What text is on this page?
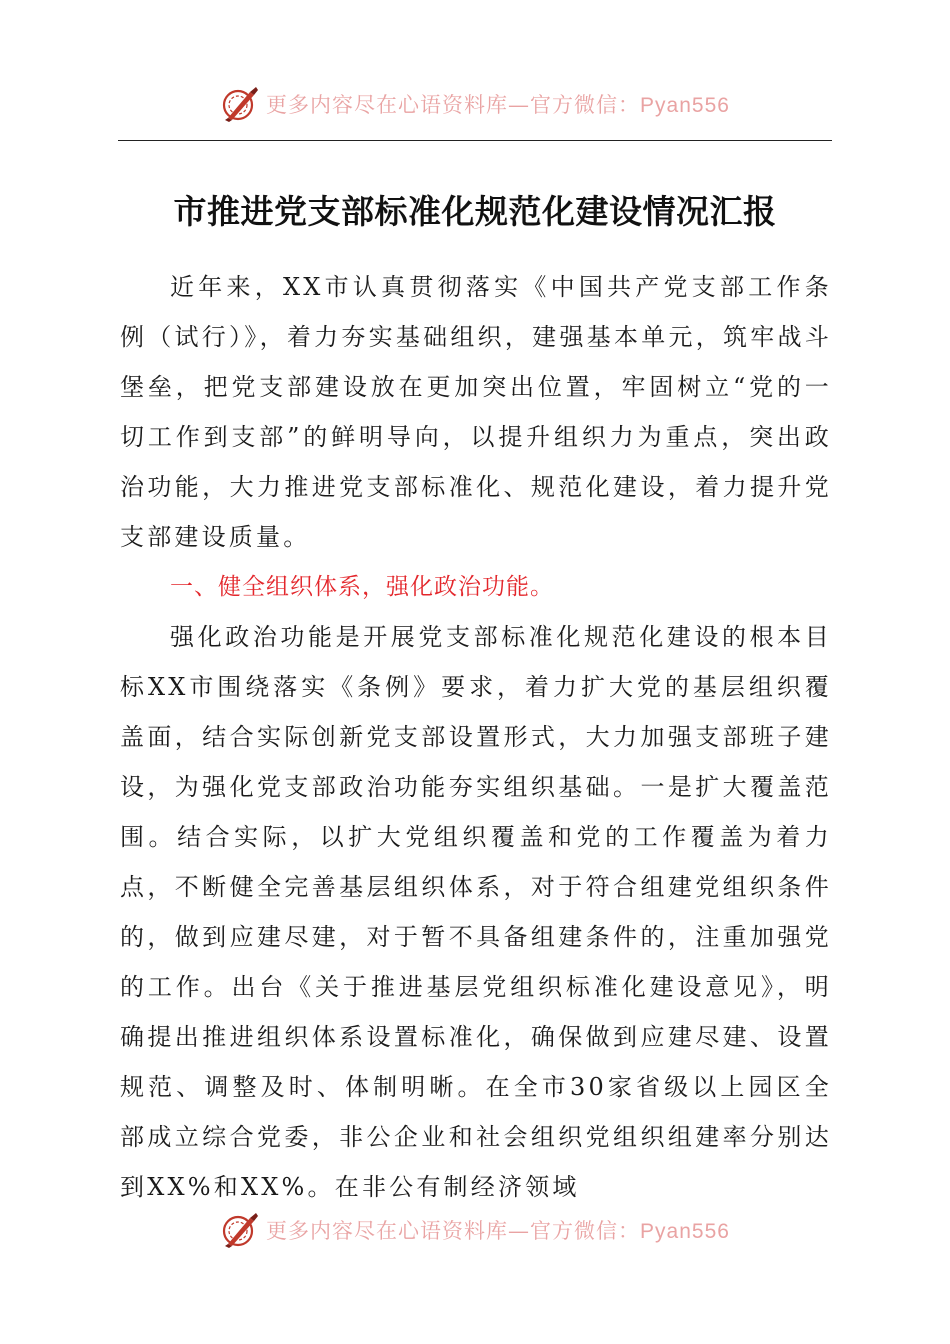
更多内容尽在心语资料库—官方微信：Pyan556
市推进党支部标准化规范化建设情况汇报

近年来，XX市认真贯彻落实《中国共产党支部工作条例（试行）》，着力夯实基础组织，建强基本单元，筑牢战斗堡垒，把党支部建设放在更加突出位置，牢固树立“党的一切工作到支部”的鲜明导向，以提升组织力为重点，突出政治功能，大力推进党支部标准化、规范化建设，着力提升党支部建设质量。

一、健全组织体系，强化政治功能。

强化政治功能是开展党支部标准化规范化建设的根本目标XX市围绕落实《条例》要求，着力扩大党的基层组织覆盖面，结合实际创新党支部设置形式，大力加强支部班子建设，为强化党支部政治功能夯实组织基础。一是扩大覆盖范围。结合实际，以扩大党组织覆盖和党的工作覆盖为着力点，不断健全完善基层组织体系，对于符合组建党组织条件的，做到应建尽建，对于暂不具备组建条件的，注重加强党的工作。出台《关于推进基层党组织标准化建设意见》，明确提出推进组织体系设置标准化，确保做到应建尽建、设置规范、调整及时、体制明晰。在全市30家省级以上园区全部成立综合党委，非公企业和社会组织党组织组建率分别达到XX%和XX%。在非公有制经济领域

更多内容尽在心语资料库—官方微信：Pyan556
